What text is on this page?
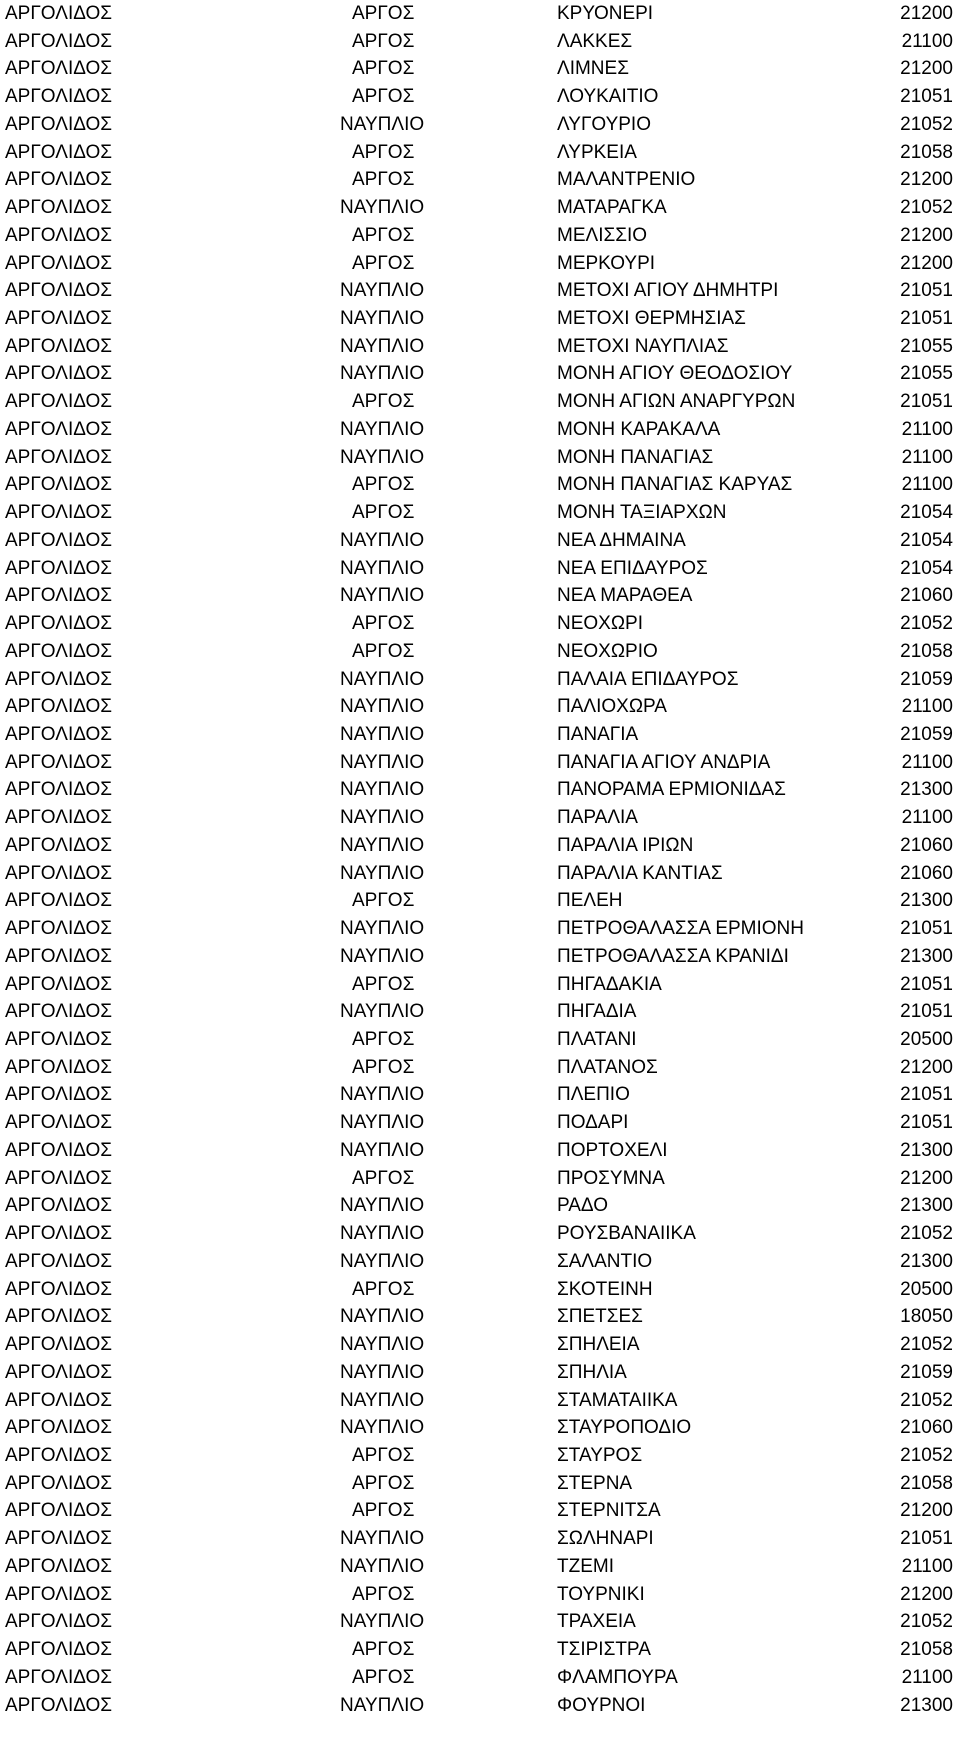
ΑΡΓΟΛΙΔΟΣ	ΑΡΓΟΣ	ΚΡΥΟΝΕΡΙ	21200
ΑΡΓΟΛΙΔΟΣ	ΑΡΓΟΣ	ΛΑΚΚΕΣ	21100
ΑΡΓΟΛΙΔΟΣ	ΑΡΓΟΣ	ΛΙΜΝΕΣ	21200
ΑΡΓΟΛΙΔΟΣ	ΑΡΓΟΣ	ΛΟΥΚΑΙΤΙΟ	21051
ΑΡΓΟΛΙΔΟΣ	ΝΑΥΠΛΙΟ	ΛΥΓΟΥΡΙΟ	21052
ΑΡΓΟΛΙΔΟΣ	ΑΡΓΟΣ	ΛΥΡΚΕΙΑ	21058
ΑΡΓΟΛΙΔΟΣ	ΑΡΓΟΣ	ΜΑΛΑΝΤΡΕΝΙΟ	21200
ΑΡΓΟΛΙΔΟΣ	ΝΑΥΠΛΙΟ	ΜΑΤΑΡΑΓΚΑ	21052
ΑΡΓΟΛΙΔΟΣ	ΑΡΓΟΣ	ΜΕΛΙΣΣΙΟ	21200
ΑΡΓΟΛΙΔΟΣ	ΑΡΓΟΣ	ΜΕΡΚΟΥΡΙ	21200
ΑΡΓΟΛΙΔΟΣ	ΝΑΥΠΛΙΟ	ΜΕΤΟΧΙ ΑΓΙΟΥ ΔΗΜΗΤΡΙ	21051
ΑΡΓΟΛΙΔΟΣ	ΝΑΥΠΛΙΟ	ΜΕΤΟΧΙ ΘΕΡΜΗΣΙΑΣ	21051
ΑΡΓΟΛΙΔΟΣ	ΝΑΥΠΛΙΟ	ΜΕΤΟΧΙ ΝΑΥΠΛΙΑΣ	21055
ΑΡΓΟΛΙΔΟΣ	ΝΑΥΠΛΙΟ	ΜΟΝΗ ΑΓΙΟΥ ΘΕΟΔΟΣΙΟΥ	21055
ΑΡΓΟΛΙΔΟΣ	ΑΡΓΟΣ	ΜΟΝΗ ΑΓΙΩΝ ΑΝΑΡΓΥΡΩΝ	21051
ΑΡΓΟΛΙΔΟΣ	ΝΑΥΠΛΙΟ	ΜΟΝΗ ΚΑΡΑΚΑΛΑ	21100
ΑΡΓΟΛΙΔΟΣ	ΝΑΥΠΛΙΟ	ΜΟΝΗ ΠΑΝΑΓΙΑΣ	21100
ΑΡΓΟΛΙΔΟΣ	ΑΡΓΟΣ	ΜΟΝΗ ΠΑΝΑΓΙΑΣ ΚΑΡΥΑΣ	21100
ΑΡΓΟΛΙΔΟΣ	ΑΡΓΟΣ	ΜΟΝΗ ΤΑΞΙΑΡΧΩΝ	21054
ΑΡΓΟΛΙΔΟΣ	ΝΑΥΠΛΙΟ	ΝΕΑ ΔΗΜΑΙΝΑ	21054
ΑΡΓΟΛΙΔΟΣ	ΝΑΥΠΛΙΟ	ΝΕΑ ΕΠΙΔΑΥΡΟΣ	21054
ΑΡΓΟΛΙΔΟΣ	ΝΑΥΠΛΙΟ	ΝΕΑ ΜΑΡΑΘΕΑ	21060
ΑΡΓΟΛΙΔΟΣ	ΑΡΓΟΣ	ΝΕΟΧΩΡΙ	21052
ΑΡΓΟΛΙΔΟΣ	ΑΡΓΟΣ	ΝΕΟΧΩΡΙΟ	21058
ΑΡΓΟΛΙΔΟΣ	ΝΑΥΠΛΙΟ	ΠΑΛΑΙΑ ΕΠΙΔΑΥΡΟΣ	21059
ΑΡΓΟΛΙΔΟΣ	ΝΑΥΠΛΙΟ	ΠΑΛΙΟΧΩΡΑ	21100
ΑΡΓΟΛΙΔΟΣ	ΝΑΥΠΛΙΟ	ΠΑΝΑΓΙΑ	21059
ΑΡΓΟΛΙΔΟΣ	ΝΑΥΠΛΙΟ	ΠΑΝΑΓΙΑ ΑΓΙΟΥ ΑΝΔΡΙΑ	21100
ΑΡΓΟΛΙΔΟΣ	ΝΑΥΠΛΙΟ	ΠΑΝΟΡΑΜΑ ΕΡΜΙΟΝΙΔΑΣ	21300
ΑΡΓΟΛΙΔΟΣ	ΝΑΥΠΛΙΟ	ΠΑΡΑΛΙΑ	21100
ΑΡΓΟΛΙΔΟΣ	ΝΑΥΠΛΙΟ	ΠΑΡΑΛΙΑ ΙΡΙΩΝ	21060
ΑΡΓΟΛΙΔΟΣ	ΝΑΥΠΛΙΟ	ΠΑΡΑΛΙΑ ΚΑΝΤΙΑΣ	21060
ΑΡΓΟΛΙΔΟΣ	ΑΡΓΟΣ	ΠΕΛΕΗ	21300
ΑΡΓΟΛΙΔΟΣ	ΝΑΥΠΛΙΟ	ΠΕΤΡΟΘΑΛΑΣΣΑ ΕΡΜΙΟΝΗ	21051
ΑΡΓΟΛΙΔΟΣ	ΝΑΥΠΛΙΟ	ΠΕΤΡΟΘΑΛΑΣΣΑ ΚΡΑΝΙΔΙ	21300
ΑΡΓΟΛΙΔΟΣ	ΑΡΓΟΣ	ΠΗΓΑΔΑΚΙΑ	21051
ΑΡΓΟΛΙΔΟΣ	ΝΑΥΠΛΙΟ	ΠΗΓΑΔΙΑ	21051
ΑΡΓΟΛΙΔΟΣ	ΑΡΓΟΣ	ΠΛΑΤΑΝΙ	20500
ΑΡΓΟΛΙΔΟΣ	ΑΡΓΟΣ	ΠΛΑΤΑΝΟΣ	21200
ΑΡΓΟΛΙΔΟΣ	ΝΑΥΠΛΙΟ	ΠΛΕΠΙΟ	21051
ΑΡΓΟΛΙΔΟΣ	ΝΑΥΠΛΙΟ	ΠΟΔΑΡΙ	21051
ΑΡΓΟΛΙΔΟΣ	ΝΑΥΠΛΙΟ	ΠΟΡΤΟΧΕΛΙ	21300
ΑΡΓΟΛΙΔΟΣ	ΑΡΓΟΣ	ΠΡΟΣΥΜΝΑ	21200
ΑΡΓΟΛΙΔΟΣ	ΝΑΥΠΛΙΟ	ΡΑΔΟ	21300
ΑΡΓΟΛΙΔΟΣ	ΝΑΥΠΛΙΟ	ΡΟΥΣΒΑΝΑΙΙΚΑ	21052
ΑΡΓΟΛΙΔΟΣ	ΝΑΥΠΛΙΟ	ΣΑΛΑΝΤΙΟ	21300
ΑΡΓΟΛΙΔΟΣ	ΑΡΓΟΣ	ΣΚΟΤΕΙΝΗ	20500
ΑΡΓΟΛΙΔΟΣ	ΝΑΥΠΛΙΟ	ΣΠΕΤΣΕΣ	18050
ΑΡΓΟΛΙΔΟΣ	ΝΑΥΠΛΙΟ	ΣΠΗΛΕΙΑ	21052
ΑΡΓΟΛΙΔΟΣ	ΝΑΥΠΛΙΟ	ΣΠΗΛΙΑ	21059
ΑΡΓΟΛΙΔΟΣ	ΝΑΥΠΛΙΟ	ΣΤΑΜΑΤΑΙΙΚΑ	21052
ΑΡΓΟΛΙΔΟΣ	ΝΑΥΠΛΙΟ	ΣΤΑΥΡΟΠΟΔΙΟ	21060
ΑΡΓΟΛΙΔΟΣ	ΑΡΓΟΣ	ΣΤΑΥΡΟΣ	21052
ΑΡΓΟΛΙΔΟΣ	ΑΡΓΟΣ	ΣΤΕΡΝΑ	21058
ΑΡΓΟΛΙΔΟΣ	ΑΡΓΟΣ	ΣΤΕΡΝΙΤΣΑ	21200
ΑΡΓΟΛΙΔΟΣ	ΝΑΥΠΛΙΟ	ΣΩΛΗΝΑΡΙ	21051
ΑΡΓΟΛΙΔΟΣ	ΝΑΥΠΛΙΟ	ΤΖΕΜΙ	21100
ΑΡΓΟΛΙΔΟΣ	ΑΡΓΟΣ	ΤΟΥΡΝΙΚΙ	21200
ΑΡΓΟΛΙΔΟΣ	ΝΑΥΠΛΙΟ	ΤΡΑΧΕΙΑ	21052
ΑΡΓΟΛΙΔΟΣ	ΑΡΓΟΣ	ΤΣΙΡΙΣΤΡΑ	21058
ΑΡΓΟΛΙΔΟΣ	ΑΡΓΟΣ	ΦΛΑΜΠΟΥΡΑ	21100
ΑΡΓΟΛΙΔΟΣ	ΝΑΥΠΛΙΟ	ΦΟΥΡΝΟΙ	21300
